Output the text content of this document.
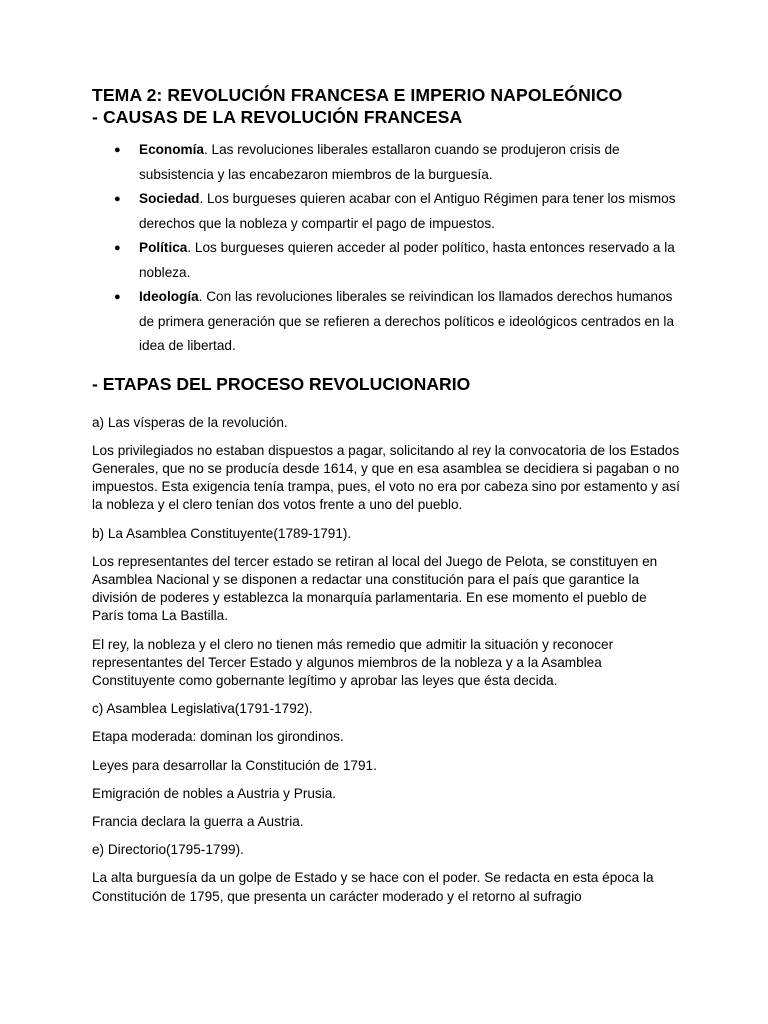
TEMA 2: REVOLUCIÓN FRANCESA E IMPERIO NAPOLEÓNICO
- CAUSAS DE LA REVOLUCIÓN FRANCESA
● Economía. Las revoluciones liberales estallaron cuando se produjeron crisis de subsistencia y las encabezaron miembros de la burguesía.
● Sociedad. Los burgueses quieren acabar con el Antiguo Régimen para tener los mismos derechos que la nobleza y compartir el pago de impuestos.
● Política. Los burgueses quieren acceder al poder político, hasta entonces reservado a la nobleza.
● Ideología. Con las revoluciones liberales se reivindican los llamados derechos humanos de primera generación que se refieren a derechos políticos e ideológicos centrados en la idea de libertad.
- ETAPAS DEL PROCESO REVOLUCIONARIO

a) Las vísperas de la revolución.

Los privilegiados no estaban dispuestos a pagar, solicitando al rey la convocatoria de los Estados Generales, que no se producía desde 1614, y que en esa asamblea se decidiera si pagaban o no impuestos. Esta exigencia tenía trampa, pues, el voto no era por cabeza sino por estamento y así la nobleza y el clero tenían dos votos frente a uno del pueblo.

b) La Asamblea Constituyente(1789-1791).

Los representantes del tercer estado se retiran al local del Juego de Pelota, se constituyen en Asamblea Nacional y se disponen a redactar una constitución para el país que garantice la división de poderes y establezca la monarquía parlamentaria. En ese momento el pueblo de París toma La Bastilla.

El rey, la nobleza y el clero no tienen más remedio que admitir la situación y reconocer representantes del Tercer Estado y algunos miembros de la nobleza y a la Asamblea Constituyente como gobernante legítimo y aprobar las leyes que ésta decida.

c) Asamblea Legislativa(1791-1792).

Etapa moderada: dominan los girondinos.

Leyes para desarrollar la Constitución de 1791.

Emigración de nobles a Austria y Prusia.

Francia declara la guerra a Austria.

e) Directorio(1795-1799).

La alta burguesía da un golpe de Estado y se hace con el poder. Se redacta en esta época la Constitución de 1795, que presenta un carácter moderado y el retorno al sufragio
